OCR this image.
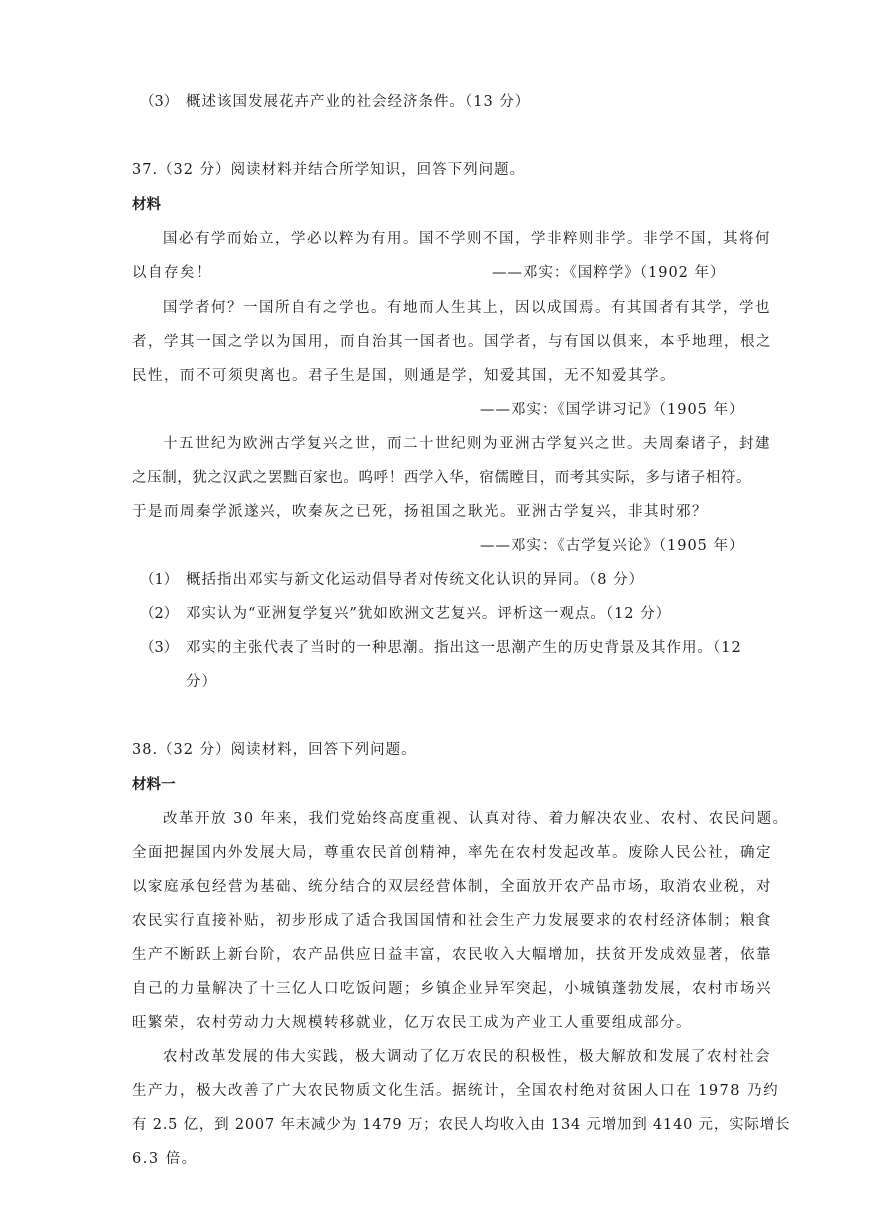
（3） 概述该国发展花卉产业的社会经济条件。（13 分）
37.（32 分）阅读材料并结合所学知识，回答下列问题。
材料
国必有学而始立，学必以粹为有用。国不学则不国，学非粹则非学。非学不国，其将何
以自存矣！	——邓实：《国粹学》（1902 年）
国学者何？一国所自有之学也。有地而人生其上，因以成国焉。有其国者有其学，学也
者，学其一国之学以为国用，而自治其一国者也。国学者，与有国以俱来，本乎地理，根之
民性，而不可须臾离也。君子生是国，则通是学，知爱其国，无不知爱其学。
——邓实：《国学讲习记》（1905 年）
十五世纪为欧洲古学复兴之世，而二十世纪则为亚洲古学复兴之世。夫周秦诸子，封建
之压制，犹之汉武之罢黜百家也。呜呼！西学入华，宿儒瞠目，而考其实际，多与诸子相符。
于是而周秦学派遂兴，吹秦灰之已死，扬祖国之耿光。亚洲古学复兴，非其时邪？
——邓实：《古学复兴论》（1905 年）
（1） 概括指出邓实与新文化运动倡导者对传统文化认识的异同。（8 分）
（2） 邓实认为“亚洲复学复兴”犹如欧洲文艺复兴。评析这一观点。（12 分）
（3） 邓实的主张代表了当时的一种思潮。指出这一思潮产生的历史背景及其作用。（12
分）
38.（32 分）阅读材料，回答下列问题。
材料一
改革开放 30 年来，我们党始终高度重视、认真对待、着力解决农业、农村、农民问题。
全面把握国内外发展大局，尊重农民首创精神，率先在农村发起改革。废除人民公社，确定
以家庭承包经营为基础、统分结合的双层经营体制，全面放开农产品市场，取消农业税，对
农民实行直接补贴，初步形成了适合我国国情和社会生产力发展要求的农村经济体制；粮食
生产不断跃上新台阶，农产品供应日益丰富，农民收入大幅增加，扶贫开发成效显著，依靠
自己的力量解决了十三亿人口吃饭问题；乡镇企业异军突起，小城镇蓬勃发展，农村市场兴
旺繁荣，农村劳动力大规模转移就业，亿万农民工成为产业工人重要组成部分。
农村改革发展的伟大实践，极大调动了亿万农民的积极性，极大解放和发展了农村社会
生产力，极大改善了广大农民物质文化生活。据统计，全国农村绝对贫困人口在 1978 乃约
有 2.5 亿，到 2007 年末减少为 1479 万；农民人均收入由 134 元增加到 4140 元，实际增长
6.3 倍。
